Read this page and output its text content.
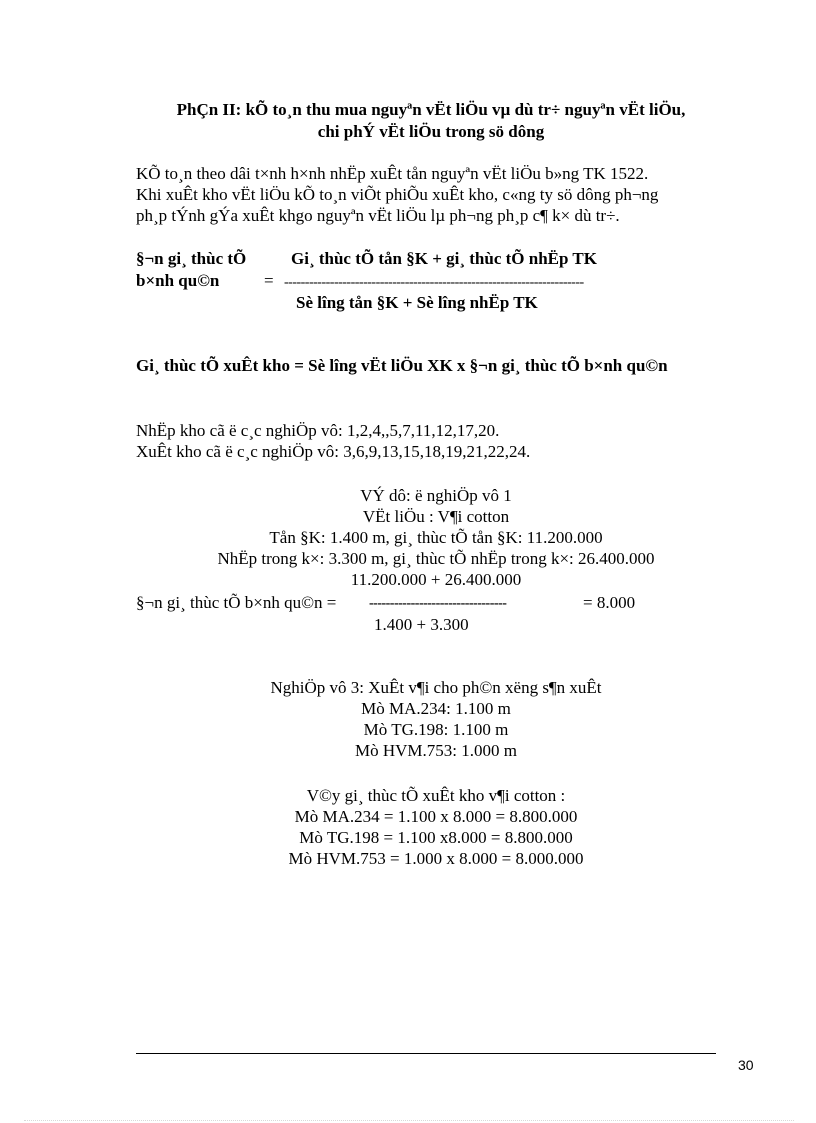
PhÇn II: kÕ to¸n thu mua nguyªn vËt liÖu vµ dù tr÷ nguyªn vËt liÖu,
chi phÝ vËt liÖu trong sö dông
KÕ to¸n theo dâi t×nh h×nh nhËp xuÊt tån nguyªn vËt liÖu b»ng TK 1522.
Khi xuÊt kho vËt liÖu kÕ to¸n viÕt phiÕu xuÊt kho, c«ng ty sö dông ph¬ng
ph¸p tÝnh gÝa xuÊt khgo nguyªn vËt liÖu lµ ph¬ng ph¸p c¶ k× dù tr÷.
§¬n gi¸ thùc tÕ	Gi¸ thùc tÕ tån §K + gi¸ thùc tÕ nhËp TK
b×nh qu©n	= ------------------------------------------------------------------------
Sè lîng tån §K + Sè lîng nhËp TK
Gi¸ thùc tÕ xuÊt kho = Sè lîng vËt liÖu XK x §¬n gi¸ thùc tÕ b×nh qu©n
NhËp kho cã ë c¸c nghiÖp vô: 1,2,4,,5,7,11,12,17,20.
XuÊt kho cã ë c¸c nghiÖp vô: 3,6,9,13,15,18,19,21,22,24.
VÝ dô: ë nghiÖp vô 1
VËt liÖu : V¶i cotton
Tån §K: 1.400 m, gi¸ thùc tÕ tån §K: 11.200.000
NhËp trong k×: 3.300 m, gi¸ thùc tÕ nhËp trong k×: 26.400.000
11.200.000 + 26.400.000
§¬n gi¸ thùc tÕ b×nh qu©n = ---------------------------------	= 8.000
1.400 + 3.300
NghiÖp vô 3: XuÊt v¶i cho ph©n xëng s¶n xuÊt
Mò MA.234: 1.100 m
Mò TG.198: 1.100 m
Mò HVM.753: 1.000 m
V©y gi¸ thùc tÕ xuÊt kho v¶i cotton :
Mò MA.234 = 1.100 x 8.000 = 8.800.000
Mò TG.198 = 1.100 x8.000 = 8.800.000
Mò HVM.753 = 1.000 x 8.000 = 8.000.000
30
